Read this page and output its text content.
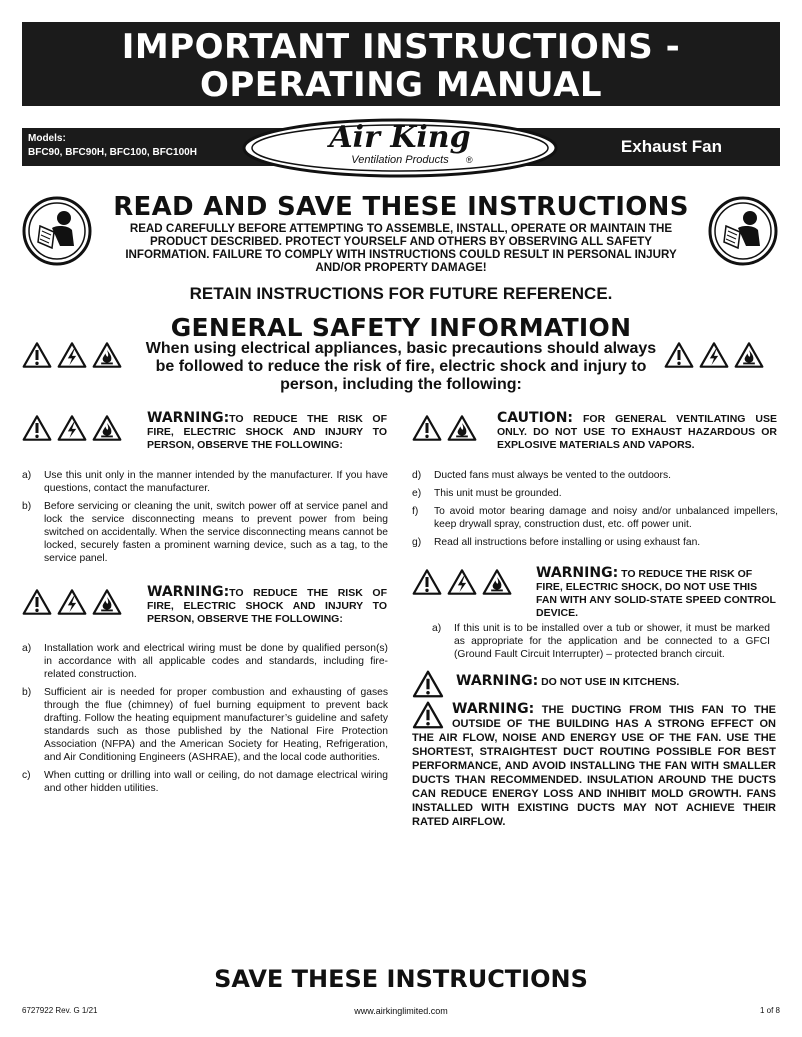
IMPORTANT INSTRUCTIONS -
OPERATING MANUAL
Models:
BFC90, BFC90H, BFC100, BFC100H	Exhaust Fan
Air King
Ventilation Products	®
READ AND SAVE THESE INSTRUCTIONS
READ CAREFULLY BEFORE ATTEMPTING TO ASSEMBLE, INSTALL, OPERATE OR MAINTAIN THE PRODUCT DESCRIBED. PROTECT YOURSELF AND OTHERS BY OBSERVING ALL SAFETY INFORMATION. FAILURE TO COMPLY WITH INSTRUCTIONS COULD RESULT IN PERSONAL INJURY AND/OR PROPERTY DAMAGE!
RETAIN INSTRUCTIONS FOR FUTURE REFERENCE.
GENERAL SAFETY INFORMATION
When using electrical appliances, basic precautions should always be followed to reduce the risk of fire, electric shock and injury to person, including the following:
WARNING:TO REDUCE THE RISK OF FIRE, ELECTRIC SHOCK AND INJURY TO PERSON, OBSERVE THE FOLLOWING:
a) Use this unit only in the manner intended by the manufacturer. If you have questions, contact the manufacturer.
b) Before servicing or cleaning the unit, switch power off at service panel and lock the service disconnecting means to prevent power from being switched on accidentally. When the service disconnecting means cannot be locked, securely fasten a prominent warning device, such as a tag, to the service panel.
WARNING:TO REDUCE THE RISK OF FIRE, ELECTRIC SHOCK AND INJURY TO PERSON, OBSERVE THE FOLLOWING:
a) Installation work and electrical wiring must be done by qualified person(s) in accordance with all applicable codes and standards, including fire-related construction.
b) Sufficient air is needed for proper combustion and exhausting of gases through the flue (chimney) of fuel burning equipment to prevent back drafting. Follow the heating equipment manufacturer’s guideline and safety standards such as those published by the National Fire Protection Association (NFPA) and the American Society for Heating, Refrigeration, and Air Conditioning Engineers (ASHRAE), and the local code authorities.
c) When cutting or drilling into wall or ceiling, do not damage electrical wiring and other hidden utilities.
CAUTION: FOR GENERAL VENTILATING USE ONLY. DO NOT USE TO EXHAUST HAZARDOUS OR EXPLOSIVE MATERIALS AND VAPORS.
d) Ducted fans must always be vented to the outdoors.
e) This unit must be grounded.
f) To avoid motor bearing damage and noisy and/or unbalanced impellers, keep drywall spray, construction dust, etc. off power unit.
g) Read all instructions before installing or using exhaust fan.
WARNING: TO REDUCE THE RISK OF FIRE, ELECTRIC SHOCK, DO NOT USE THIS FAN WITH ANY SOLID-STATE SPEED CONTROL DEVICE.
a) If this unit is to be installed over a tub or shower, it must be marked as appropriate for the application and be connected to a GFCI (Ground Fault Circuit Interrupter) – protected branch circuit.
WARNING: DO NOT USE IN KITCHENS.
WARNING: THE DUCTING FROM THIS FAN TO THE OUTSIDE OF THE BUILDING HAS A STRONG EFFECT ON THE AIR FLOW, NOISE AND ENERGY USE OF THE FAN. USE THE SHORTEST, STRAIGHTEST DUCT ROUTING POSSIBLE FOR BEST PERFORMANCE, AND AVOID INSTALLING THE FAN WITH SMALLER DUCTS THAN RECOMMENDED. INSULATION AROUND THE DUCTS CAN REDUCE ENERGY LOSS AND INHIBIT MOLD GROWTH. FANS INSTALLED WITH EXISTING DUCTS MAY NOT ACHIEVE THEIR RATED AIRFLOW.
SAVE THESE INSTRUCTIONS
6727922 Rev. G 1/21	www.airkinglimited.com	1 of 8
